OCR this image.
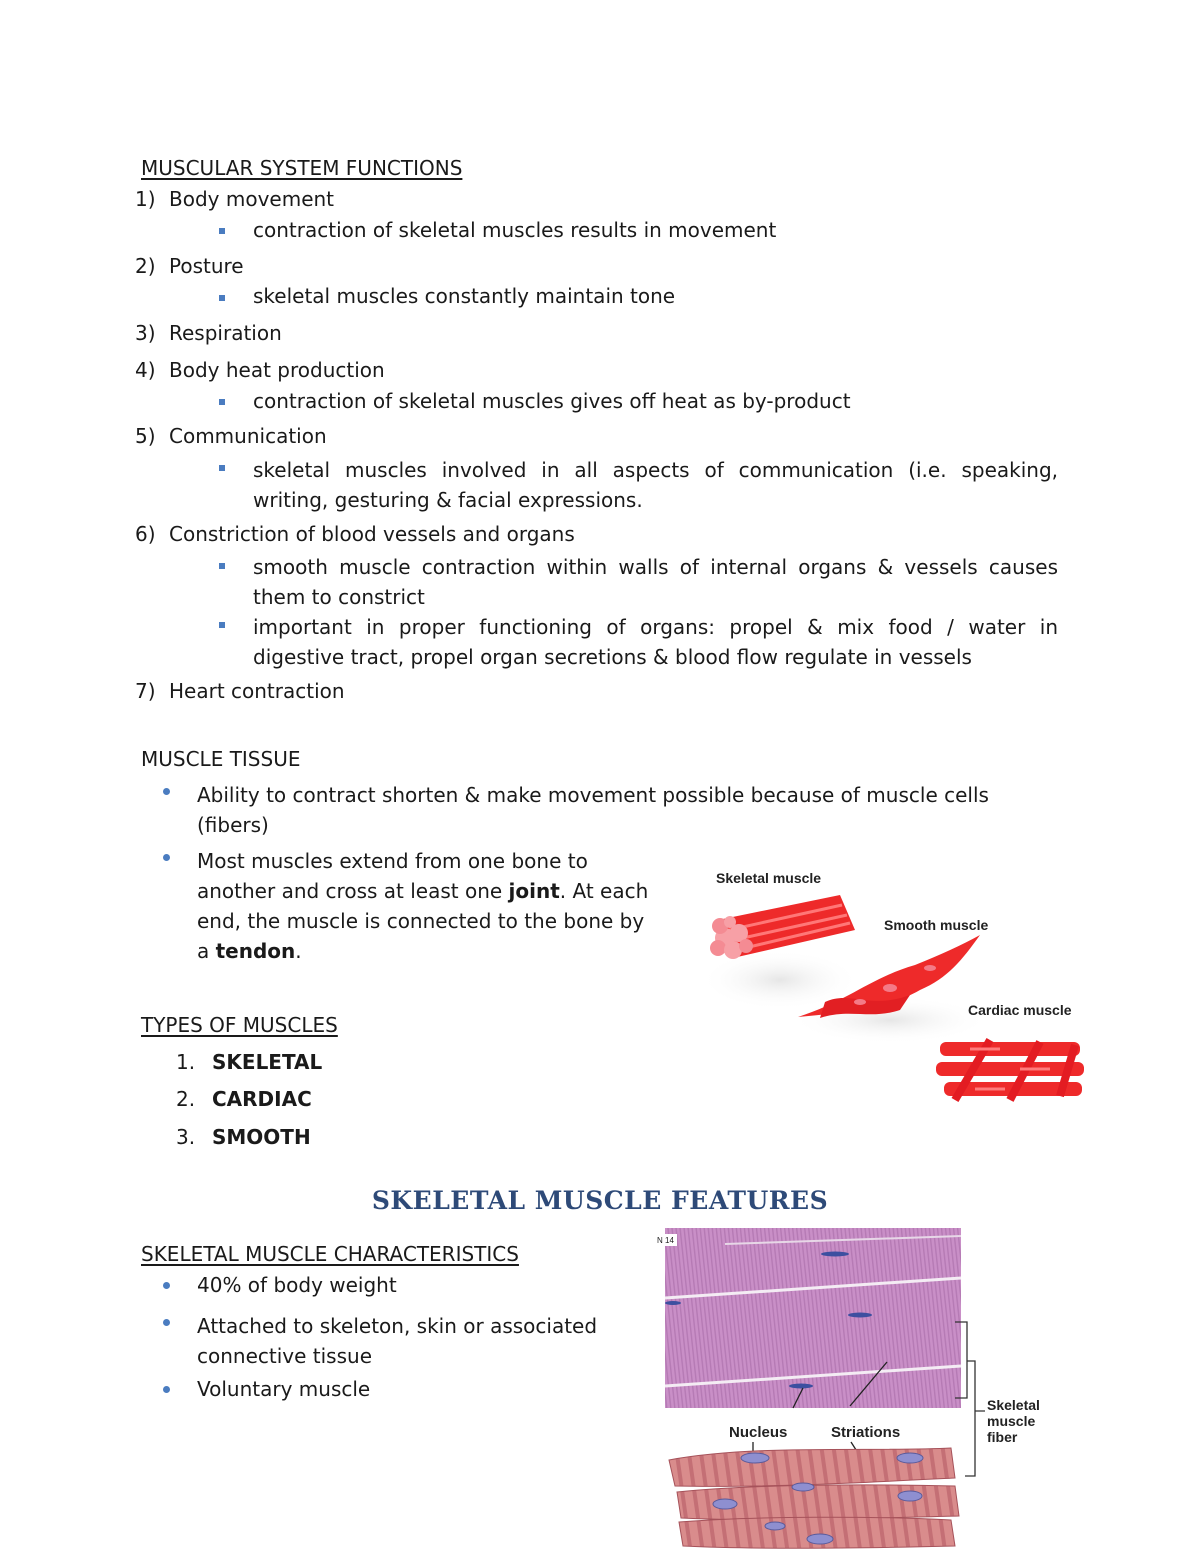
MUSCULAR SYSTEM FUNCTIONS
1) Body movement
contraction of skeletal muscles results in movement
2) Posture
skeletal muscles constantly maintain tone
3) Respiration
4) Body heat production
contraction of skeletal muscles gives off heat as by-product
5) Communication
skeletal muscles involved in all aspects of communication (i.e. speaking, writing, gesturing & facial expressions.
6) Constriction of blood vessels and organs
smooth muscle contraction within walls of internal organs & vessels causes them to constrict
important in proper functioning of organs: propel & mix food / water in digestive tract, propel organ secretions & blood flow regulate in vessels
7) Heart contraction
MUSCLE TISSUE
Ability to contract shorten & make movement possible because of muscle cells (fibers)
Most muscles extend from one bone to another and cross at least one joint. At each end, the muscle is connected to the bone by a tendon.
Skeletal muscle
Smooth muscle
Cardiac muscle
TYPES OF MUSCLES
1. SKELETAL
2. CARDIAC
3. SMOOTH
SKELETAL MUSCLE FEATURES
SKELETAL MUSCLE CHARACTERISTICS
40% of body weight
Attached to skeleton, skin or associated connective tissue
Voluntary muscle
N 14
Skeletal muscle fiber
Nucleus	Striations
